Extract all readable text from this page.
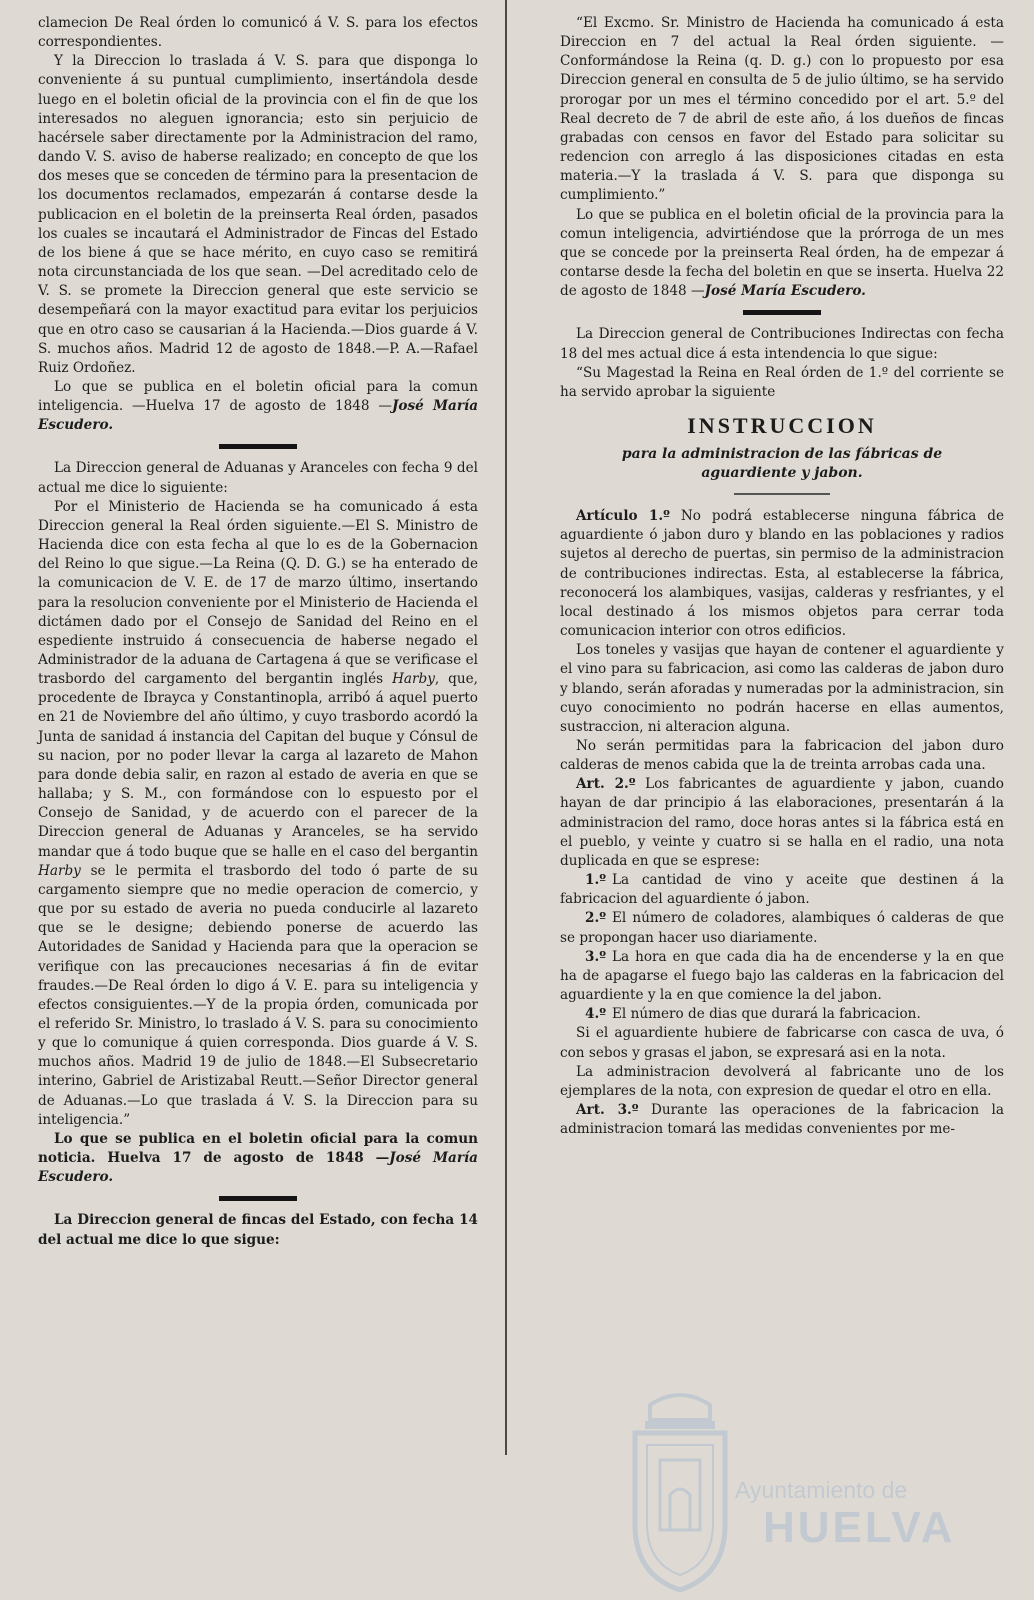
clamecion De Real órden lo comunicó á V. S. para los efectos correspondientes.

Y la Direccion lo traslada á V. S. para que disponga lo conveniente á su puntual cumplimiento, insertándola desde luego en el boletin oficial de la provincia con el fin de que los interesados no aleguen ignorancia; esto sin perjuicio de hacérsele saber directamente por la Administracion del ramo, dando V. S. aviso de haberse realizado; en concepto de que los dos meses que se conceden de término para la presentacion de los documentos reclamados, empezarán á contarse desde la publicacion en el boletin de la preinserta Real órden, pasados los cuales se incautará el Administrador de Fincas del Estado de los biene á que se hace mérito, en cuyo caso se remitirá nota circunstanciada de los que sean. —Del acreditado celo de V. S. se promete la Direccion general que este servicio se desempeñará con la mayor exactitud para evitar los perjuicios que en otro caso se causarian á la Hacienda.—Dios guarde á V. S. muchos años. Madrid 12 de agosto de 1848.—P. A.—Rafael Ruiz Ordoñez.

Lo que se publica en el boletin oficial para la comun inteligencia. —Huelva 17 de agosto de 1848 —José María Escudero.

La Direccion general de Aduanas y Aranceles con fecha 9 del actual me dice lo siguiente:

Por el Ministerio de Hacienda se ha comunicado á esta Direccion general la Real órden siguiente.—El S. Ministro de Hacienda dice con esta fecha al que lo es de la Gobernacion del Reino lo que sigue.—La Reina (Q. D. G.) se ha enterado de la comunicacion de V. E. de 17 de marzo último, insertando para la resolucion conveniente por el Ministerio de Hacienda el dictámen dado por el Consejo de Sanidad del Reino en el espediente instruido á consecuencia de haberse negado el Administrador de la aduana de Cartagena á que se verificase el trasbordo del cargamento del bergantin inglés Harby, que, procedente de Ibrayca y Constantinopla, arribó á aquel puerto en 21 de Noviembre del año último, y cuyo trasbordo acordó la Junta de sanidad á instancia del Capitan del buque y Cónsul de su nacion, por no poder llevar la carga al lazareto de Mahon para donde debia salir, en razon al estado de averia en que se hallaba; y S. M., con formándose con lo espuesto por el Consejo de Sanidad, y de acuerdo con el parecer de la Direccion general de Aduanas y Aranceles, se ha servido mandar que á todo buque que se halle en el caso del bergantin Harby se le permita el trasbordo del todo ó parte de su cargamento siempre que no medie operacion de comercio, y que por su estado de averia no pueda conducirle al lazareto que se le designe; debiendo ponerse de acuerdo las Autoridades de Sanidad y Hacienda para que la operacion se verifique con las precauciones necesarias á fin de evitar fraudes.—De Real órden lo digo á V. E. para su inteligencia y efectos consiguientes.—Y de la propia órden, comunicada por el referido Sr. Ministro, lo traslado á V. S. para su conocimiento y que lo comunique á quien corresponda. Dios guarde á V. S. muchos años. Madrid 19 de julio de 1848.—El Subsecretario interino, Gabriel de Aristizabal Reutt.—Señor Director general de Aduanas.—Lo que traslada á V. S. la Direccion para su inteligencia.”

Lo que se publica en el boletin oficial para la comun noticia. Huelva 17 de agosto de 1848 —José María Escudero.

La Direccion general de fincas del Estado, con fecha 14 del actual me dice lo que sigue:

“El Excmo. Sr. Ministro de Hacienda ha comunicado á esta Direccion en 7 del actual la Real órden siguiente. —Conformándose la Reina (q. D. g.) con lo propuesto por esa Direccion general en consulta de 5 de julio último, se ha servido prorogar por un mes el término concedido por el art. 5.º del Real decreto de 7 de abril de este año, á los dueños de fincas grabadas con censos en favor del Estado para solicitar su redencion con arreglo á las disposiciones citadas en esta materia.—Y la traslada á V. S. para que disponga su cumplimiento.”

Lo que se publica en el boletin oficial de la provincia para la comun inteligencia, advirtiéndose que la prórroga de un mes que se concede por la preinserta Real órden, ha de empezar á contarse desde la fecha del boletin en que se inserta. Huelva 22 de agosto de 1848 —José María Escudero.

La Direccion general de Contribuciones Indirectas con fecha 18 del mes actual dice á esta intendencia lo que sigue:

“Su Magestad la Reina en Real órden de 1.º del corriente se ha servido aprobar la siguiente

INSTRUCCION

para la administracion de las fábricas de aguardiente y jabon.

Artículo 1.º No podrá establecerse ninguna fábrica de aguardiente ó jabon duro y blando en las poblaciones y radios sujetos al derecho de puertas, sin permiso de la administracion de contribuciones indirectas. Esta, al establecerse la fábrica, reconocerá los alambiques, vasijas, calderas y resfriantes, y el local destinado á los mismos objetos para cerrar toda comunicacion interior con otros edificios.

Los toneles y vasijas que hayan de contener el aguardiente y el vino para su fabricacion, asi como las calderas de jabon duro y blando, serán aforadas y numeradas por la administracion, sin cuyo conocimiento no podrán hacerse en ellas aumentos, sustraccion, ni alteracion alguna.

No serán permitidas para la fabricacion del jabon duro calderas de menos cabida que la de treinta arrobas cada una.

Art. 2.º Los fabricantes de aguardiente y jabon, cuando hayan de dar principio á las elaboraciones, presentarán á la administracion del ramo, doce horas antes si la fábrica está en el pueblo, y veinte y cuatro si se halla en el radio, una nota duplicada en que se esprese:

1.º La cantidad de vino y aceite que destinen á la fabricacion del aguardiente ó jabon.

2.º El número de coladores, alambiques ó calderas de que se propongan hacer uso diariamente.

3.º La hora en que cada dia ha de encenderse y la en que ha de apagarse el fuego bajo las calderas en la fabricacion del aguardiente y la en que comience la del jabon.

4.º El número de dias que durará la fabricacion.

Si el aguardiente hubiere de fabricarse con casca de uva, ó con sebos y grasas el jabon, se expresará asi en la nota.

La administracion devolverá al fabricante uno de los ejemplares de la nota, con expresion de quedar el otro en ella.

Art. 3.º Durante las operaciones de la fabricacion la administracion tomará las medidas convenientes por me-

Ayuntamiento de
HUELVA
